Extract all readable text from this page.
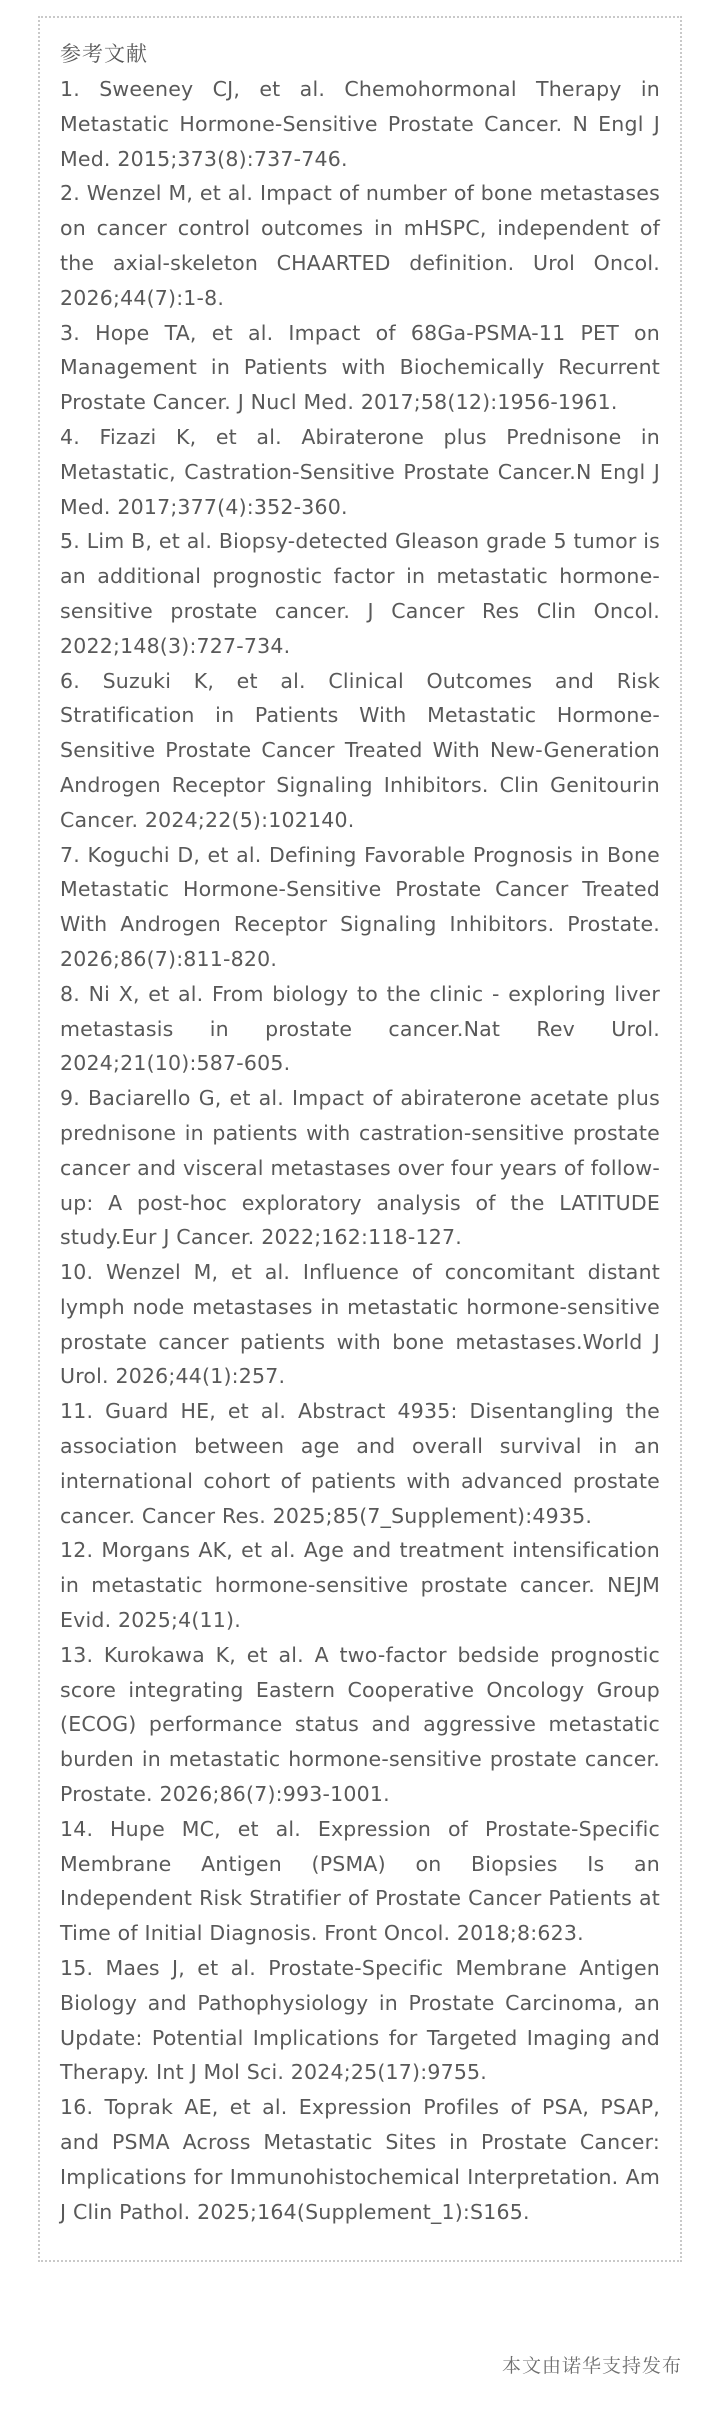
参考文献
1. Sweeney CJ, et al. Chemohormonal Therapy in Metastatic Hormone-Sensitive Prostate Cancer. N Engl J Med. 2015;373(8):737-746.
2. Wenzel M, et al. Impact of number of bone metastases on cancer control outcomes in mHSPC, independent of the axial-skeleton CHAARTED definition. Urol Oncol. 2026;44(7):1-8.
3. Hope TA, et al. Impact of 68Ga-PSMA-11 PET on Management in Patients with Biochemically Recurrent Prostate Cancer. J Nucl Med. 2017;58(12):1956-1961.
4. Fizazi K, et al. Abiraterone plus Prednisone in Metastatic, Castration-Sensitive Prostate Cancer.N Engl J Med. 2017;377(4):352-360.
5. Lim B, et al. Biopsy-detected Gleason grade 5 tumor is an additional prognostic factor in metastatic hormone-sensitive prostate cancer. J Cancer Res Clin Oncol. 2022;148(3):727-734.
6. Suzuki K, et al. Clinical Outcomes and Risk Stratification in Patients With Metastatic Hormone-Sensitive Prostate Cancer Treated With New-Generation Androgen Receptor Signaling Inhibitors. Clin Genitourin Cancer. 2024;22(5):102140.
7. Koguchi D, et al. Defining Favorable Prognosis in Bone Metastatic Hormone-Sensitive Prostate Cancer Treated With Androgen Receptor Signaling Inhibitors. Prostate. 2026;86(7):811-820.
8. Ni X, et al. From biology to the clinic - exploring liver metastasis in prostate cancer.Nat Rev Urol. 2024;21(10):587-605.
9. Baciarello G, et al. Impact of abiraterone acetate plus prednisone in patients with castration-sensitive prostate cancer and visceral metastases over four years of follow-up: A post-hoc exploratory analysis of the LATITUDE study.Eur J Cancer. 2022;162:118-127.
10. Wenzel M, et al. Influence of concomitant distant lymph node metastases in metastatic hormone-sensitive prostate cancer patients with bone metastases.World J Urol. 2026;44(1):257.
11. Guard HE, et al. Abstract 4935: Disentangling the association between age and overall survival in an international cohort of patients with advanced prostate cancer. Cancer Res. 2025;85(7_Supplement):4935.
12. Morgans AK, et al. Age and treatment intensification in metastatic hormone-sensitive prostate cancer. NEJM Evid. 2025;4(11).
13. Kurokawa K, et al. A two-factor bedside prognostic score integrating Eastern Cooperative Oncology Group (ECOG) performance status and aggressive metastatic burden in metastatic hormone-sensitive prostate cancer. Prostate. 2026;86(7):993-1001.
14. Hupe MC, et al. Expression of Prostate-Specific Membrane Antigen (PSMA) on Biopsies Is an Independent Risk Stratifier of Prostate Cancer Patients at Time of Initial Diagnosis. Front Oncol. 2018;8:623.
15. Maes J, et al. Prostate-Specific Membrane Antigen Biology and Pathophysiology in Prostate Carcinoma, an Update: Potential Implications for Targeted Imaging and Therapy. Int J Mol Sci. 2024;25(17):9755.
16. Toprak AE, et al. Expression Profiles of PSA, PSAP, and PSMA Across Metastatic Sites in Prostate Cancer: Implications for Immunohistochemical Interpretation. Am J Clin Pathol. 2025;164(Supplement_1):S165.
本文由诺华支持发布
